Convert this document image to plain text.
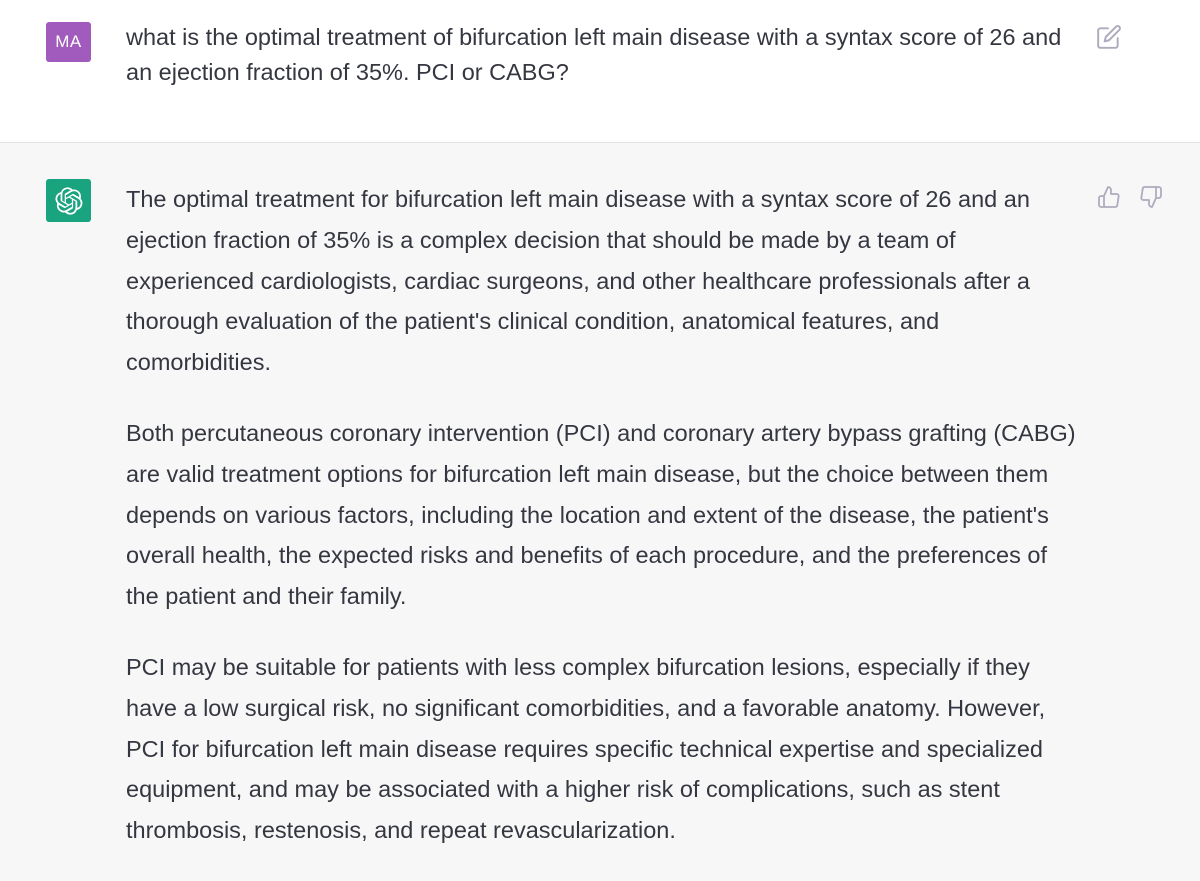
MA what is the optimal treatment of bifurcation left main disease with a syntax score of 26 and an ejection fraction of 35%. PCI or CABG?

The optimal treatment for bifurcation left main disease with a syntax score of 26 and an ejection fraction of 35% is a complex decision that should be made by a team of experienced cardiologists, cardiac surgeons, and other healthcare professionals after a thorough evaluation of the patient's clinical condition, anatomical features, and comorbidities.

Both percutaneous coronary intervention (PCI) and coronary artery bypass grafting (CABG) are valid treatment options for bifurcation left main disease, but the choice between them depends on various factors, including the location and extent of the disease, the patient's overall health, the expected risks and benefits of each procedure, and the preferences of the patient and their family.

PCI may be suitable for patients with less complex bifurcation lesions, especially if they have a low surgical risk, no significant comorbidities, and a favorable anatomy. However, PCI for bifurcation left main disease requires specific technical expertise and specialized equipment, and may be associated with a higher risk of complications, such as stent thrombosis, restenosis, and repeat revascularization.
